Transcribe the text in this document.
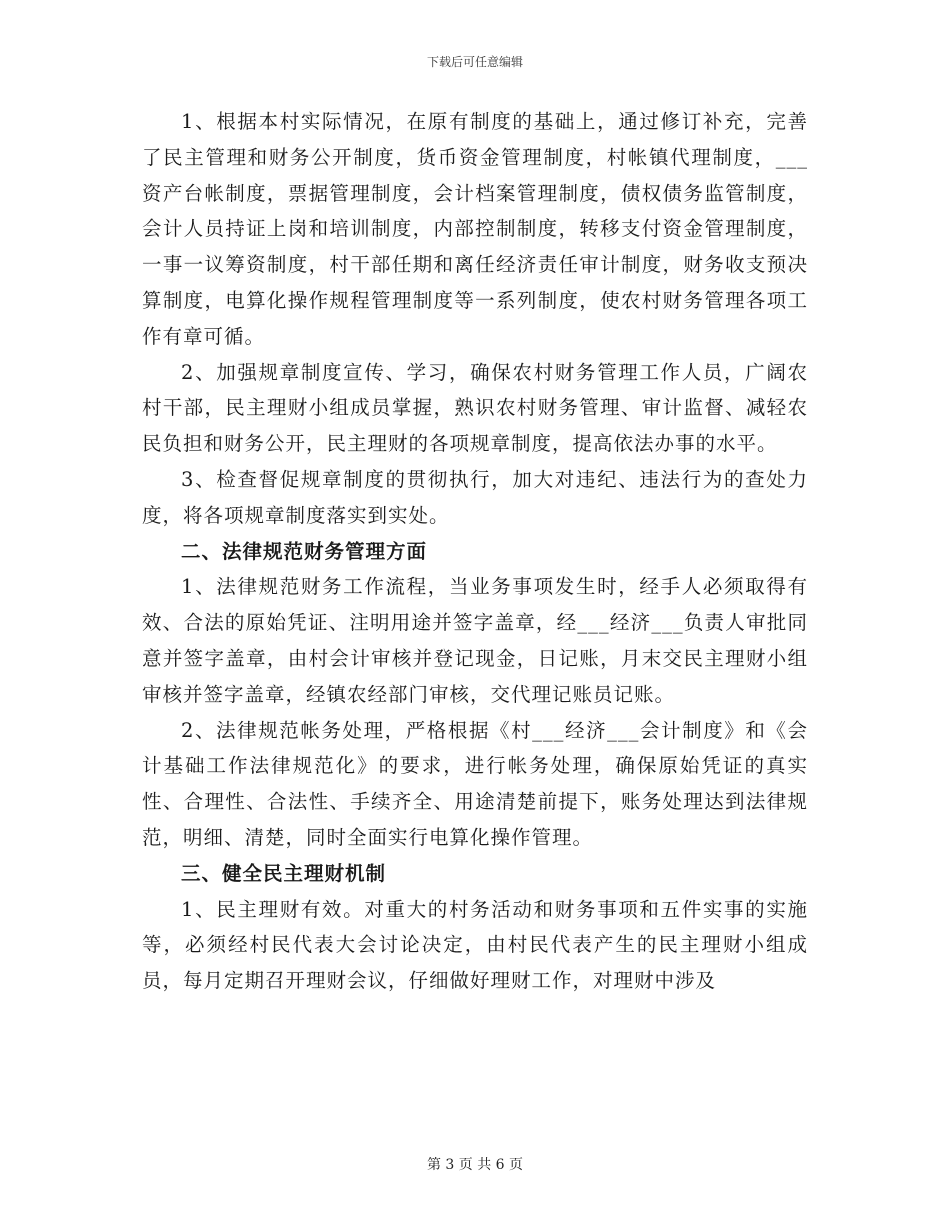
下载后可任意编辑

1、根据本村实际情况，在原有制度的基础上，通过修订补充，完善了民主管理和财务公开制度，货币资金管理制度，村帐镇代理制度，___资产台帐制度，票据管理制度，会计档案管理制度，债权债务监管制度，会计人员持证上岗和培训制度，内部控制制度，转移支付资金管理制度，一事一议筹资制度，村干部任期和离任经济责任审计制度，财务收支预决算制度，电算化操作规程管理制度等一系列制度，使农村财务管理各项工作有章可循。

2、加强规章制度宣传、学习，确保农村财务管理工作人员，广阔农村干部，民主理财小组成员掌握，熟识农村财务管理、审计监督、减轻农民负担和财务公开，民主理财的各项规章制度，提高依法办事的水平。

3、检查督促规章制度的贯彻执行，加大对违纪、违法行为的查处力度，将各项规章制度落实到实处。

二、法律规范财务管理方面

1、法律规范财务工作流程，当业务事项发生时，经手人必须取得有效、合法的原始凭证、注明用途并签字盖章，经___经济___负责人审批同意并签字盖章，由村会计审核并登记现金，日记账，月末交民主理财小组审核并签字盖章，经镇农经部门审核，交代理记账员记账。

2、法律规范帐务处理，严格根据《村___经济___会计制度》和《会计基础工作法律规范化》的要求，进行帐务处理，确保原始凭证的真实性、合理性、合法性、手续齐全、用途清楚前提下，账务处理达到法律规范，明细、清楚，同时全面实行电算化操作管理。

三、健全民主理财机制

1、民主理财有效。对重大的村务活动和财务事项和五件实事的实施等，必须经村民代表大会讨论决定，由村民代表产生的民主理财小组成员，每月定期召开理财会议，仔细做好理财工作，对理财中涉及

第 3 页 共 6 页
